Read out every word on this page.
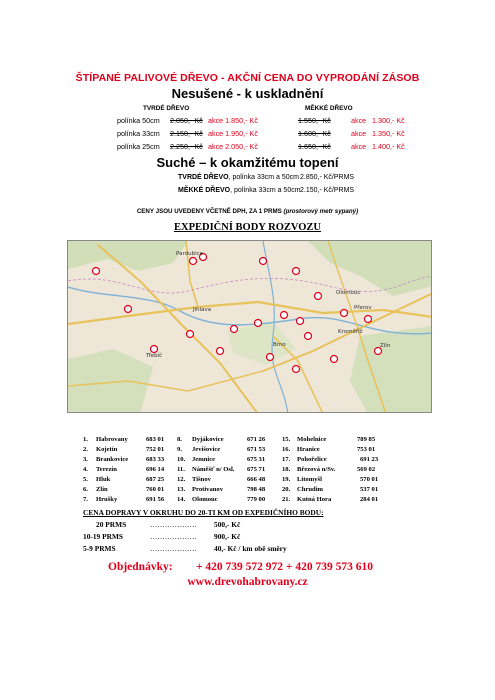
ŠTÍPANÉ PALIVOVÉ DŘEVO - AKČNÍ CENA DO VYPRODÁNÍ ZÁSOB
Nesušené - k uskladnění
TVRDÉ DŘEVO	MĚKKÉ DŘEVO
polínka 50cm 2.050,- Kč akce 1.850,- Kč	1.550,- Kč	akce 1.300,- Kč
polínka 33cm 2.150,- Kč akce 1.950,- Kč	1.600,- Kč	akce 1.350,- Kč
polínka 25cm 2.250,- Kč akce 2.050,- Kč	1.650,- Kč	akce 1.400,- Kč
Suché – k okamžitému topení
TVRDÉ DŘEVO, polínka 33cm a 50cm 2.850,- Kč/PRMS
MĚKKÉ DŘEVO, polínka 33cm a 50cm 2.150,- Kč/PRMS
CENY JSOU UVEDENY VČETNĚ DPH, ZA 1 PRMS (prostorový metr sypaný)
EXPEDIČNÍ BODY ROZVOZU
Jihlava
Brno
Třebíč
Pardubice
Olomouc
Zlín
Přerov
Kroměříž
1. Habrovany	683 01
2. Kojetín	752 01
3. Brankovice	683 33
4. Terezín	696 14
5. Hluk	687 25
6. Zlín	760 01
7. Hrušky	691 56
8. Dyjákovice	671 26
9. Jevišovice	671 53
10. Jemnice	675 31
11. Náměšť n/ Osl. 675 71
12. Tišnov	666 48
13. Protivanov	798 48
14. Olomouc	779 00
15. Mohelnice	789 85
16. Hranice	753 01
17. Pohořelice	691 23
18. Březová n/Sv.	569 02
19. Litomyšl	570 01
20. Chrudim	537 01
21. Kutná Hora	284 01
CENA DOPRAVY V OKRUHU DO 20-TI KM OD EXPEDIČNÍHO BODU:
20 PRMS	………………. 500,- Kč
10-19 PRMS	………………. 900,- Kč
5-9 PRMS	………………. 40,- Kč / km obě směry
Objednávky: + 420 739 572 972 + 420 739 573 610
www.drevohabrovany.cz
